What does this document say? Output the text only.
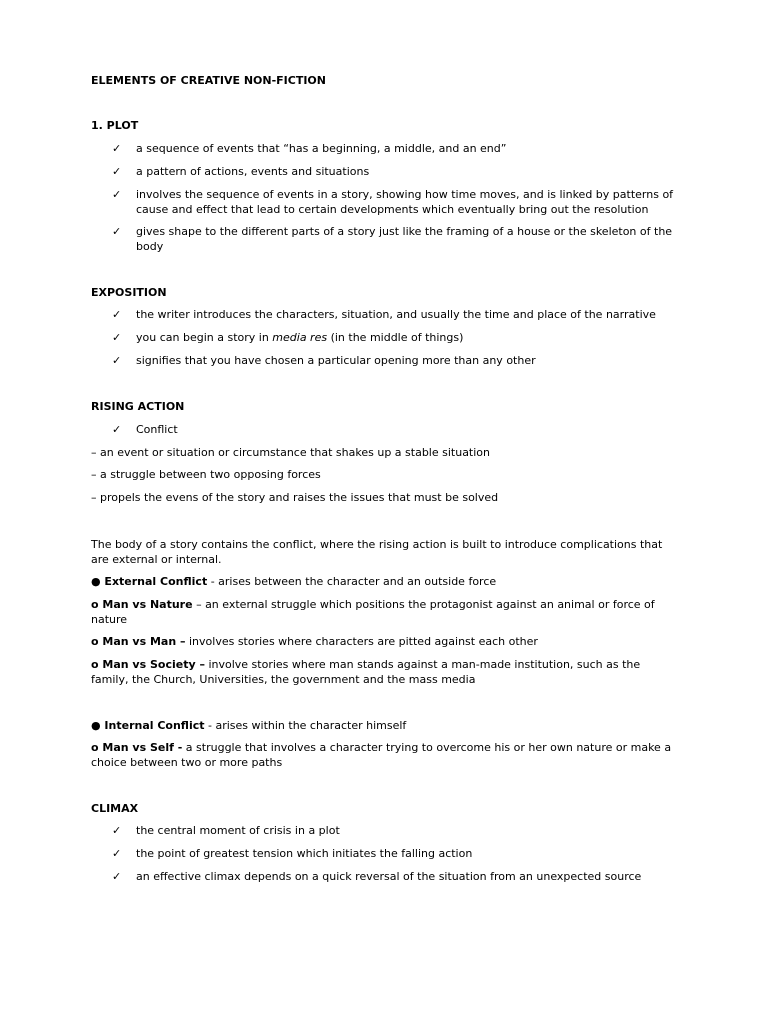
ELEMENTS OF CREATIVE NON-FICTION

1. PLOT

✓ a sequence of events that “has a beginning, a middle, and an end”
✓ a pattern of actions, events and situations
✓ involves the sequence of events in a story, showing how time moves, and is linked by patterns of cause and effect that lead to certain developments which eventually bring out the resolution
✓ gives shape to the different parts of a story just like the framing of a house or the skeleton of the body

EXPOSITION

✓ the writer introduces the characters, situation, and usually the time and place of the narrative
✓ you can begin a story in media res (in the middle of things)
✓ signifies that you have chosen a particular opening more than any other

RISING ACTION

✓ Conflict

– an event or situation or circumstance that shakes up a stable situation

– a struggle between two opposing forces

– propels the evens of the story and raises the issues that must be solved

The body of a story contains the conflict, where the rising action is built to introduce complications that are external or internal.

● External Conflict - arises between the character and an outside force

o Man vs Nature – an external struggle which positions the protagonist against an animal or force of nature

o Man vs Man – involves stories where characters are pitted against each other

o Man vs Society – involve stories where man stands against a man-made institution, such as the family, the Church, Universities, the government and the mass media

● Internal Conflict - arises within the character himself

o Man vs Self - a struggle that involves a character trying to overcome his or her own nature or make a choice between two or more paths

CLIMAX

✓ the central moment of crisis in a plot
✓ the point of greatest tension which initiates the falling action
✓ an effective climax depends on a quick reversal of the situation from an unexpected source
